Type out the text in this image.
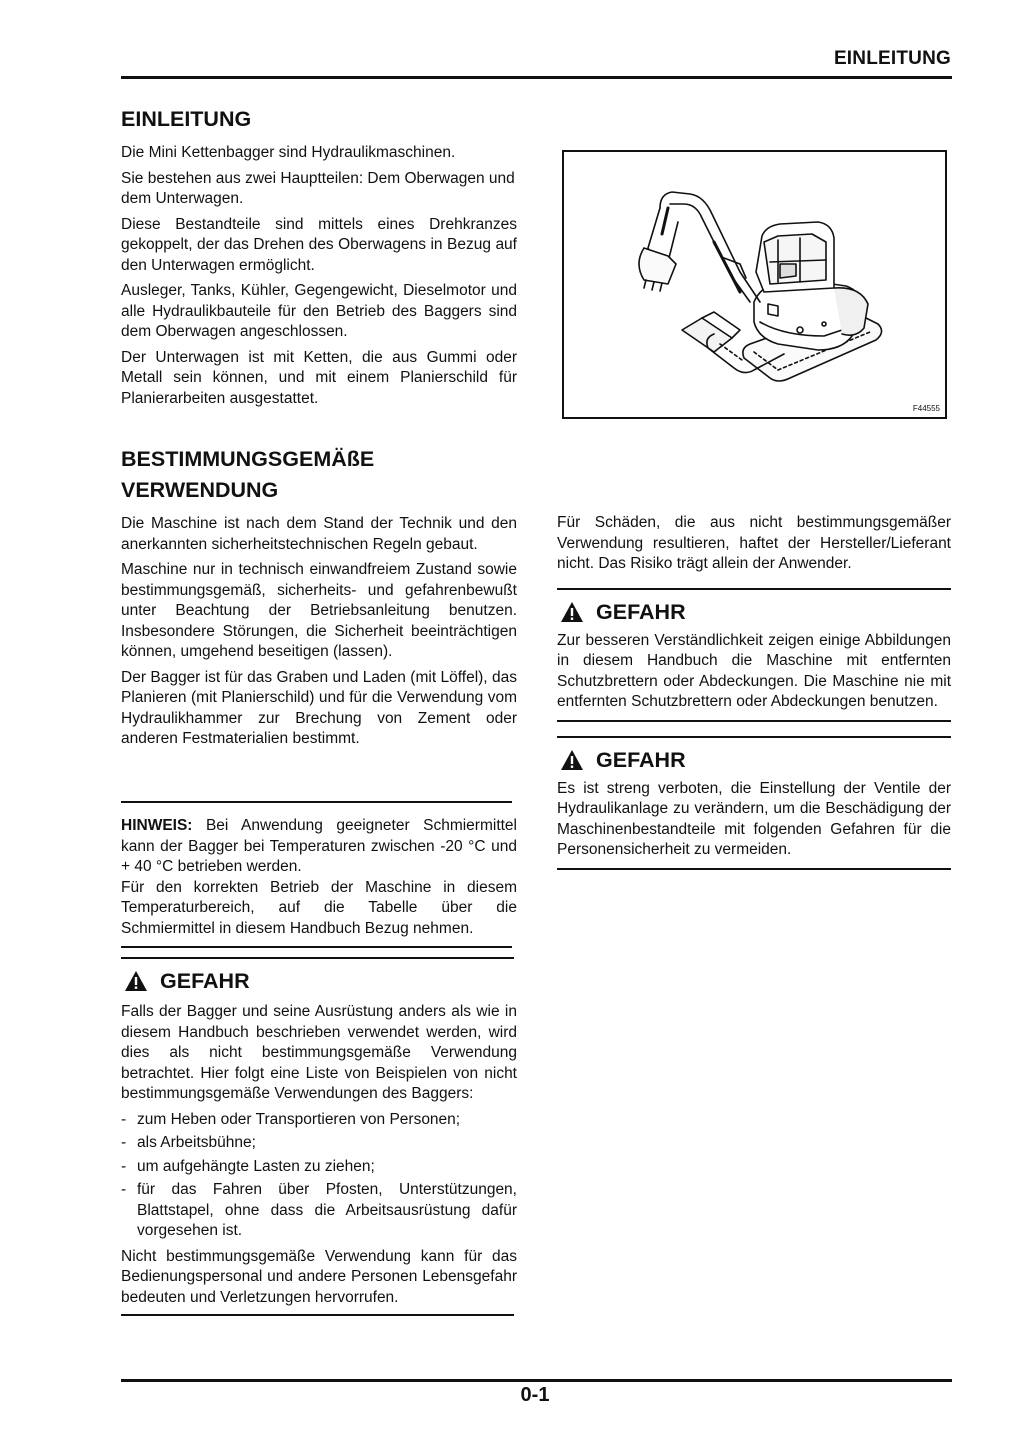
EINLEITUNG
EINLEITUNG

Die Mini Kettenbagger sind Hydraulikmaschinen.

Sie bestehen aus zwei Hauptteilen: Dem Oberwagen und dem Unterwagen.

Diese Bestandteile sind mittels eines Drehkranzes gekoppelt, der das Drehen des Oberwagens in Bezug auf den Unterwagen ermöglicht.

Ausleger, Tanks, Kühler, Gegengewicht, Dieselmotor und alle Hydraulikbauteile für den Betrieb des Baggers sind dem Oberwagen angeschlossen.

Der Unterwagen ist mit Ketten, die aus Gummi oder Metall sein können, und mit einem Planierschild für Planierarbeiten ausgestattet.

F44555
BESTIMMUNGSGEMÄßE
VERWENDUNG

Die Maschine ist nach dem Stand der Technik und den anerkannten sicherheitstechnischen Regeln gebaut.

Maschine nur in technisch einwandfreiem Zustand sowie bestimmungsgemäß, sicherheits- und gefahrenbewußt unter Beachtung der Betriebsanleitung benutzen. Insbesondere Störungen, die Sicherheit beeinträchtigen können, umgehend beseitigen (lassen).

Der Bagger ist für das Graben und Laden (mit Löffel), das Planieren (mit Planierschild) und für die Verwendung vom Hydraulikhammer zur Brechung von Zement oder anderen Festmaterialien bestimmt.

HINWEIS: Bei Anwendung geeigneter Schmiermittel kann der Bagger bei Temperaturen zwischen -20 °C und + 40 °C betrieben werden.

Für den korrekten Betrieb der Maschine in diesem Temperaturbereich, auf die Tabelle über die Schmiermittel in diesem Handbuch Bezug nehmen.

GEFAHR

Falls der Bagger und seine Ausrüstung anders als wie in diesem Handbuch beschrieben verwendet werden, wird dies als nicht bestimmungsgemäße Verwendung betrachtet. Hier folgt eine Liste von Beispielen von nicht bestimmungsgemäße Verwendungen des Baggers:

- zum Heben oder Transportieren von Personen;
- als Arbeitsbühne;
- um aufgehängte Lasten zu ziehen;
- für das Fahren über Pfosten, Unterstützungen, Blattstapel, ohne dass die Arbeitsausrüstung dafür vorgesehen ist.

Nicht bestimmungsgemäße Verwendung kann für das Bedienungspersonal und andere Personen Lebensgefahr bedeuten und Verletzungen hervorrufen.

Für Schäden, die aus nicht bestimmungsgemäßer Verwendung resultieren, haftet der Hersteller/Lieferant nicht. Das Risiko trägt allein der Anwender.

GEFAHR

Zur besseren Verständlichkeit zeigen einige Abbildungen in diesem Handbuch die Maschine mit entfernten Schutzbrettern oder Abdeckungen. Die Maschine nie mit entfernten Schutzbrettern oder Abdeckungen benutzen.

GEFAHR

Es ist streng verboten, die Einstellung der Ventile der Hydraulikanlage zu verändern, um die Beschädigung der Maschinenbestandteile mit folgenden Gefahren für die Personensicherheit zu vermeiden.

0-1
